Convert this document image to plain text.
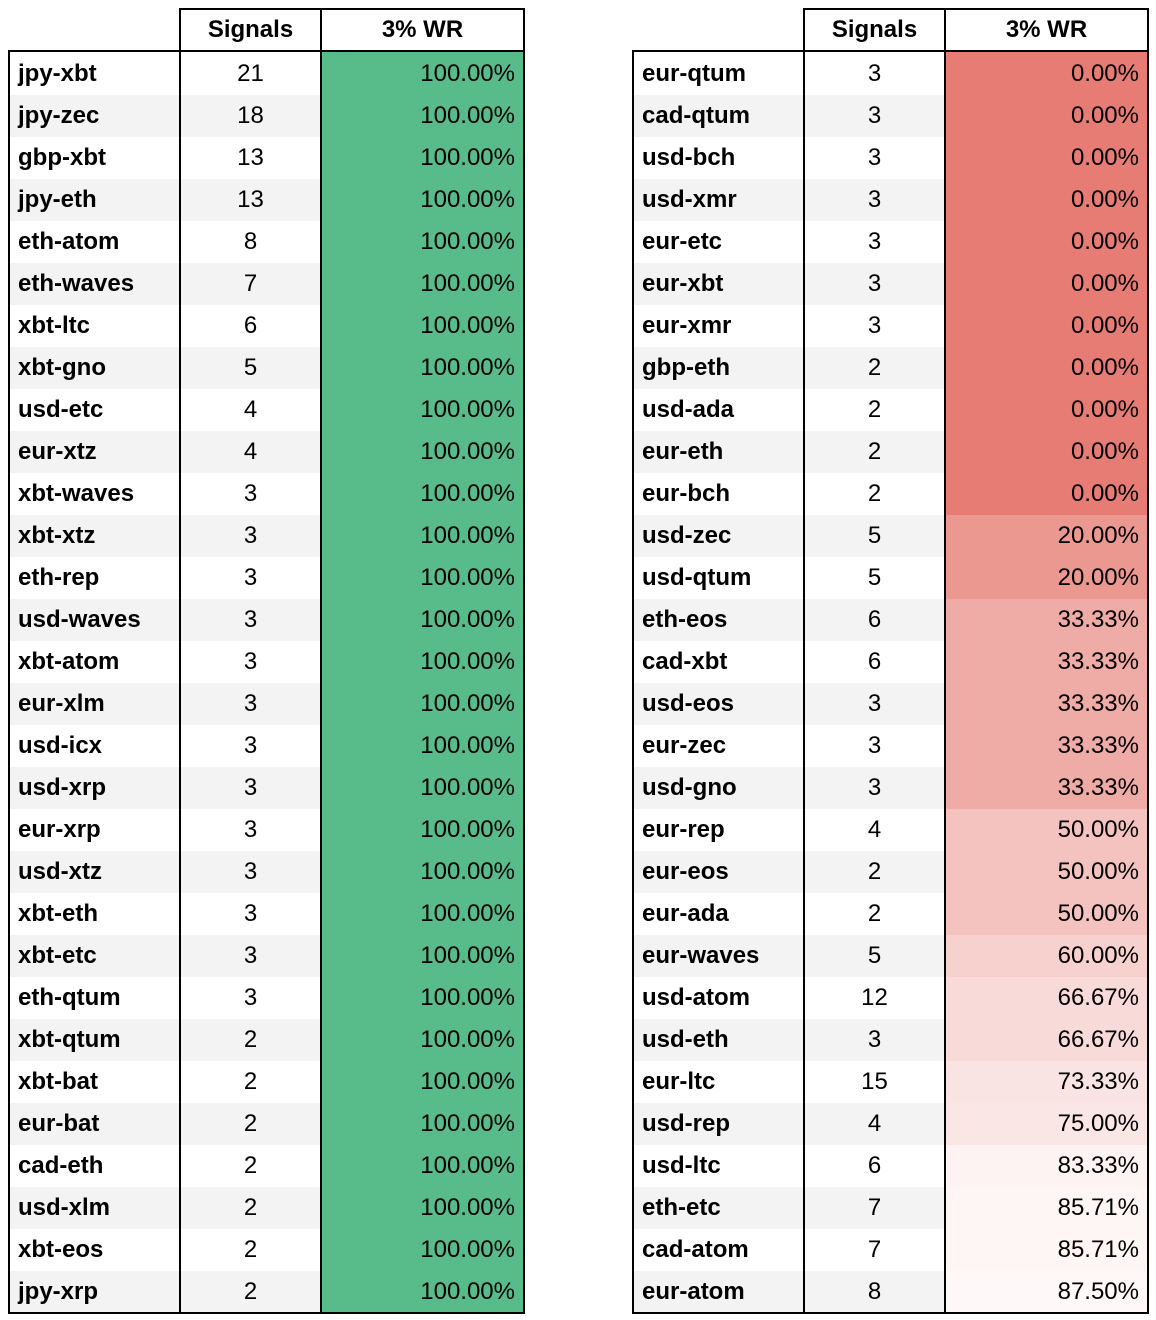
	Signals	3% WR
jpy-xbt	21	100.00%
jpy-zec	18	100.00%
gbp-xbt	13	100.00%
jpy-eth	13	100.00%
eth-atom	8	100.00%
eth-waves	7	100.00%
xbt-ltc	6	100.00%
xbt-gno	5	100.00%
usd-etc	4	100.00%
eur-xtz	4	100.00%
xbt-waves	3	100.00%
xbt-xtz	3	100.00%
eth-rep	3	100.00%
usd-waves	3	100.00%
xbt-atom	3	100.00%
eur-xlm	3	100.00%
usd-icx	3	100.00%
usd-xrp	3	100.00%
eur-xrp	3	100.00%
usd-xtz	3	100.00%
xbt-eth	3	100.00%
xbt-etc	3	100.00%
eth-qtum	3	100.00%
xbt-qtum	2	100.00%
xbt-bat	2	100.00%
eur-bat	2	100.00%
cad-eth	2	100.00%
usd-xlm	2	100.00%
xbt-eos	2	100.00%
jpy-xrp	2	100.00%
	Signals	3% WR
eur-qtum	3	0.00%
cad-qtum	3	0.00%
usd-bch	3	0.00%
usd-xmr	3	0.00%
eur-etc	3	0.00%
eur-xbt	3	0.00%
eur-xmr	3	0.00%
gbp-eth	2	0.00%
usd-ada	2	0.00%
eur-eth	2	0.00%
eur-bch	2	0.00%
usd-zec	5	20.00%
usd-qtum	5	20.00%
eth-eos	6	33.33%
cad-xbt	6	33.33%
usd-eos	3	33.33%
eur-zec	3	33.33%
usd-gno	3	33.33%
eur-rep	4	50.00%
eur-eos	2	50.00%
eur-ada	2	50.00%
eur-waves	5	60.00%
usd-atom	12	66.67%
usd-eth	3	66.67%
eur-ltc	15	73.33%
usd-rep	4	75.00%
usd-ltc	6	83.33%
eth-etc	7	85.71%
cad-atom	7	85.71%
eur-atom	8	87.50%
